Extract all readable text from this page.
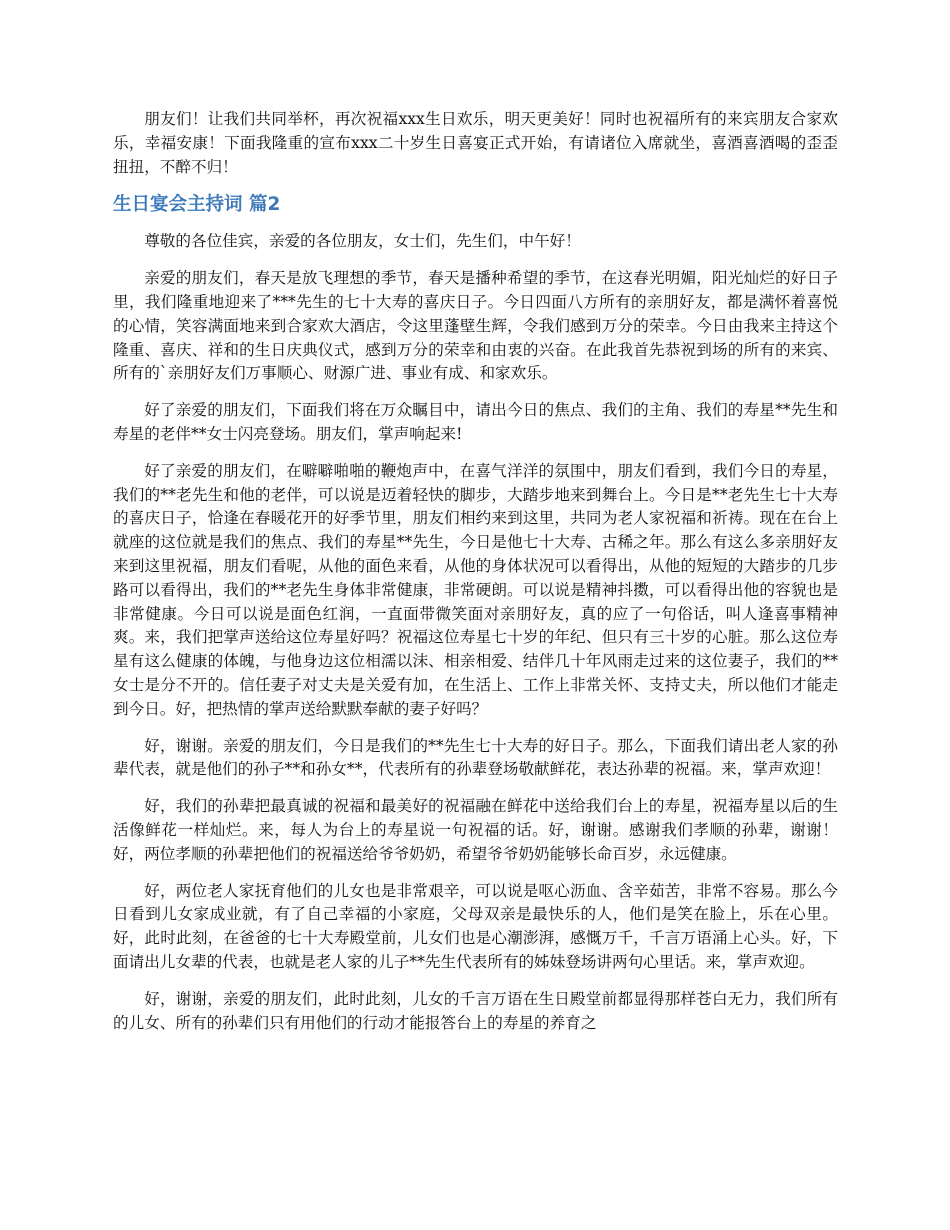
朋友们！让我们共同举杯，再次祝福xxx生日欢乐，明天更美好！同时也祝福所有的来宾朋友合家欢乐，幸福安康！下面我隆重的宣布xxx二十岁生日喜宴正式开始，有请诸位入席就坐，喜酒喜酒喝的歪歪扭扭，不醉不归！

生日宴会主持词 篇2

尊敬的各位佳宾，亲爱的各位朋友，女士们，先生们，中午好！

亲爱的朋友们，春天是放飞理想的季节，春天是播种希望的季节，在这春光明媚，阳光灿烂的好日子里，我们隆重地迎来了***先生的七十大寿的喜庆日子。今日四面八方所有的亲朋好友，都是满怀着喜悦的心情，笑容满面地来到合家欢大酒店，令这里蓬壁生辉，令我们感到万分的荣幸。今日由我来主持这个隆重、喜庆、祥和的生日庆典仪式，感到万分的荣幸和由衷的兴奋。在此我首先恭祝到场的所有的来宾、所有的`亲朋好友们万事顺心、财源广进、事业有成、和家欢乐。

好了亲爱的朋友们，下面我们将在万众瞩目中，请出今日的焦点、我们的主角、我们的寿星**先生和寿星的老伴**女士闪亮登场。朋友们，掌声响起来!

好了亲爱的朋友们，在噼噼啪啪的鞭炮声中，在喜气洋洋的氛围中，朋友们看到，我们今日的寿星，我们的**老先生和他的老伴，可以说是迈着轻快的脚步，大踏步地来到舞台上。今日是**老先生七十大寿的喜庆日子，恰逢在春暖花开的好季节里，朋友们相约来到这里，共同为老人家祝福和祈祷。现在在台上就座的这位就是我们的焦点、我们的寿星**先生，今日是他七十大寿、古稀之年。那么有这么多亲朋好友来到这里祝福，朋友们看呢，从他的面色来看，从他的身体状况可以看得出，从他的短短的大踏步的几步路可以看得出，我们的**老先生身体非常健康，非常硬朗。可以说是精神抖擞，可以看得出他的容貌也是非常健康。今日可以说是面色红润，一直面带微笑面对亲朋好友，真的应了一句俗话，叫人逢喜事精神爽。来，我们把掌声送给这位寿星好吗？祝福这位寿星七十岁的年纪、但只有三十岁的心脏。那么这位寿星有这么健康的体魄，与他身边这位相濡以沫、相亲相爱、结伴几十年风雨走过来的这位妻子，我们的**女士是分不开的。信任妻子对丈夫是关爱有加，在生活上、工作上非常关怀、支持丈夫，所以他们才能走到今日。好，把热情的掌声送给默默奉献的妻子好吗？

好，谢谢。亲爱的朋友们，今日是我们的**先生七十大寿的好日子。那么，下面我们请出老人家的孙辈代表，就是他们的孙子**和孙女**，代表所有的孙辈登场敬献鲜花，表达孙辈的祝福。来，掌声欢迎！

好，我们的孙辈把最真诚的祝福和最美好的祝福融在鲜花中送给我们台上的寿星，祝福寿星以后的生活像鲜花一样灿烂。来，每人为台上的寿星说一句祝福的话。好，谢谢。感谢我们孝顺的孙辈，谢谢！好，两位孝顺的孙辈把他们的祝福送给爷爷奶奶，希望爷爷奶奶能够长命百岁，永远健康。

好，两位老人家抚育他们的儿女也是非常艰辛，可以说是呕心沥血、含辛茹苦，非常不容易。那么今日看到儿女家成业就，有了自己幸福的小家庭，父母双亲是最快乐的人，他们是笑在脸上，乐在心里。好，此时此刻，在爸爸的七十大寿殿堂前，儿女们也是心潮澎湃，感慨万千，千言万语涌上心头。好，下面请出儿女辈的代表，也就是老人家的儿子**先生代表所有的姊妹登场讲两句心里话。来，掌声欢迎。

好，谢谢，亲爱的朋友们，此时此刻，儿女的千言万语在生日殿堂前都显得那样苍白无力，我们所有的儿女、所有的孙辈们只有用他们的行动才能报答台上的寿星的养育之
